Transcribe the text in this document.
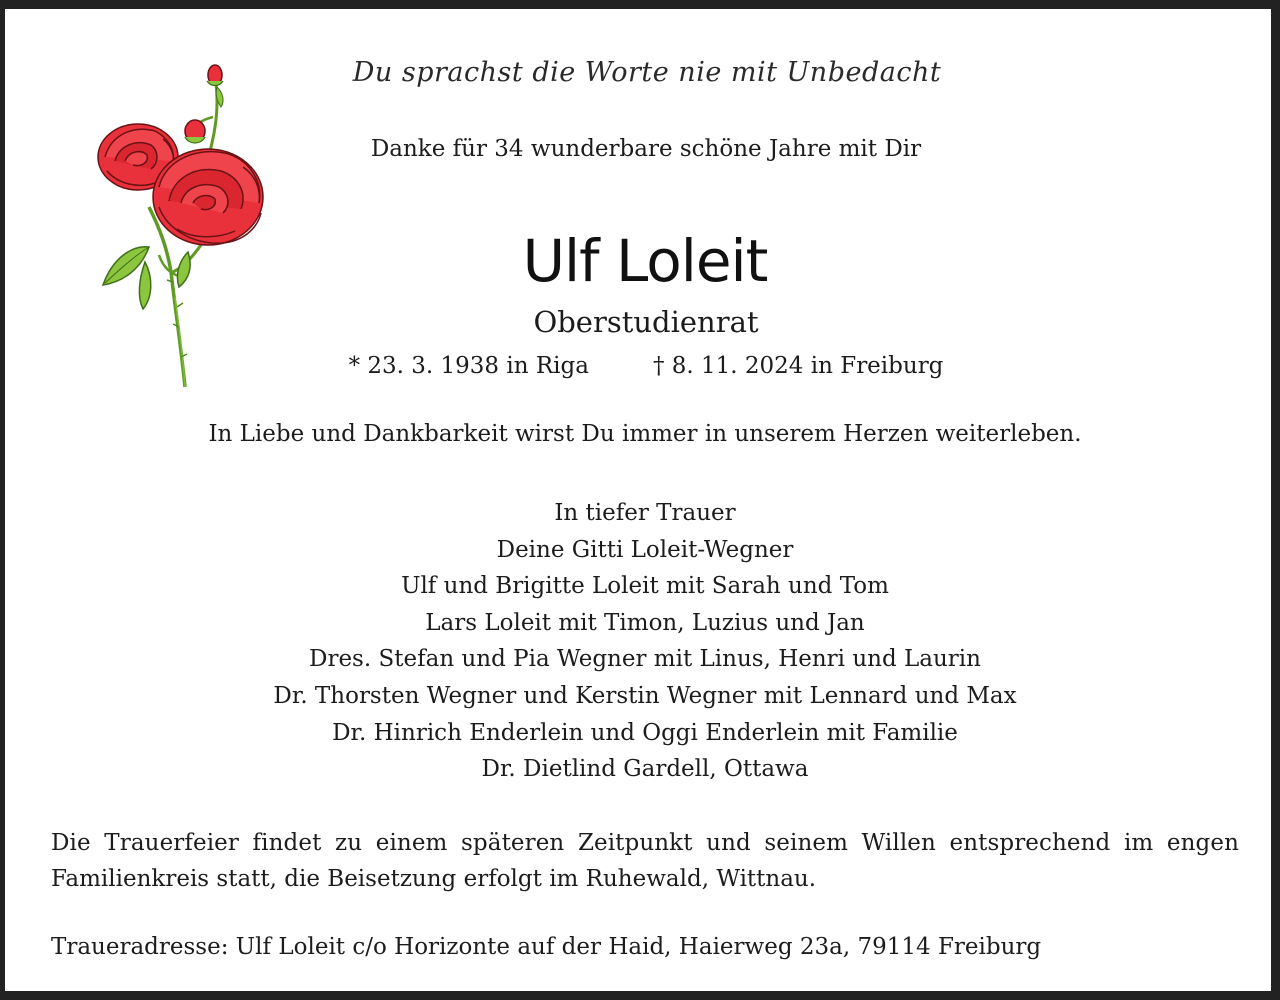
Du sprachst die Worte nie mit Unbedacht
Danke für 34 wunderbare schöne Jahre mit Dir
Ulf Loleit
Oberstudienrat
* 23. 3. 1938 in Riga	† 8. 11. 2024 in Freiburg
In Liebe und Dankbarkeit wirst Du immer in unserem Herzen weiterleben.
In tiefer Trauer
Deine Gitti Loleit-Wegner
Ulf und Brigitte Loleit mit Sarah und Tom
Lars Loleit mit Timon, Luzius und Jan
Dres. Stefan und Pia Wegner mit Linus, Henri und Laurin
Dr. Thorsten Wegner und Kerstin Wegner mit Lennard und Max
Dr. Hinrich Enderlein und Oggi Enderlein mit Familie
Dr. Dietlind Gardell, Ottawa
Die Trauerfeier findet zu einem späteren Zeitpunkt und seinem Willen entsprechend im engen
Familienkreis statt, die Beisetzung erfolgt im Ruhewald, Wittnau.
Traueradresse: Ulf Loleit c/o Horizonte auf der Haid, Haierweg 23a, 79114 Freiburg
